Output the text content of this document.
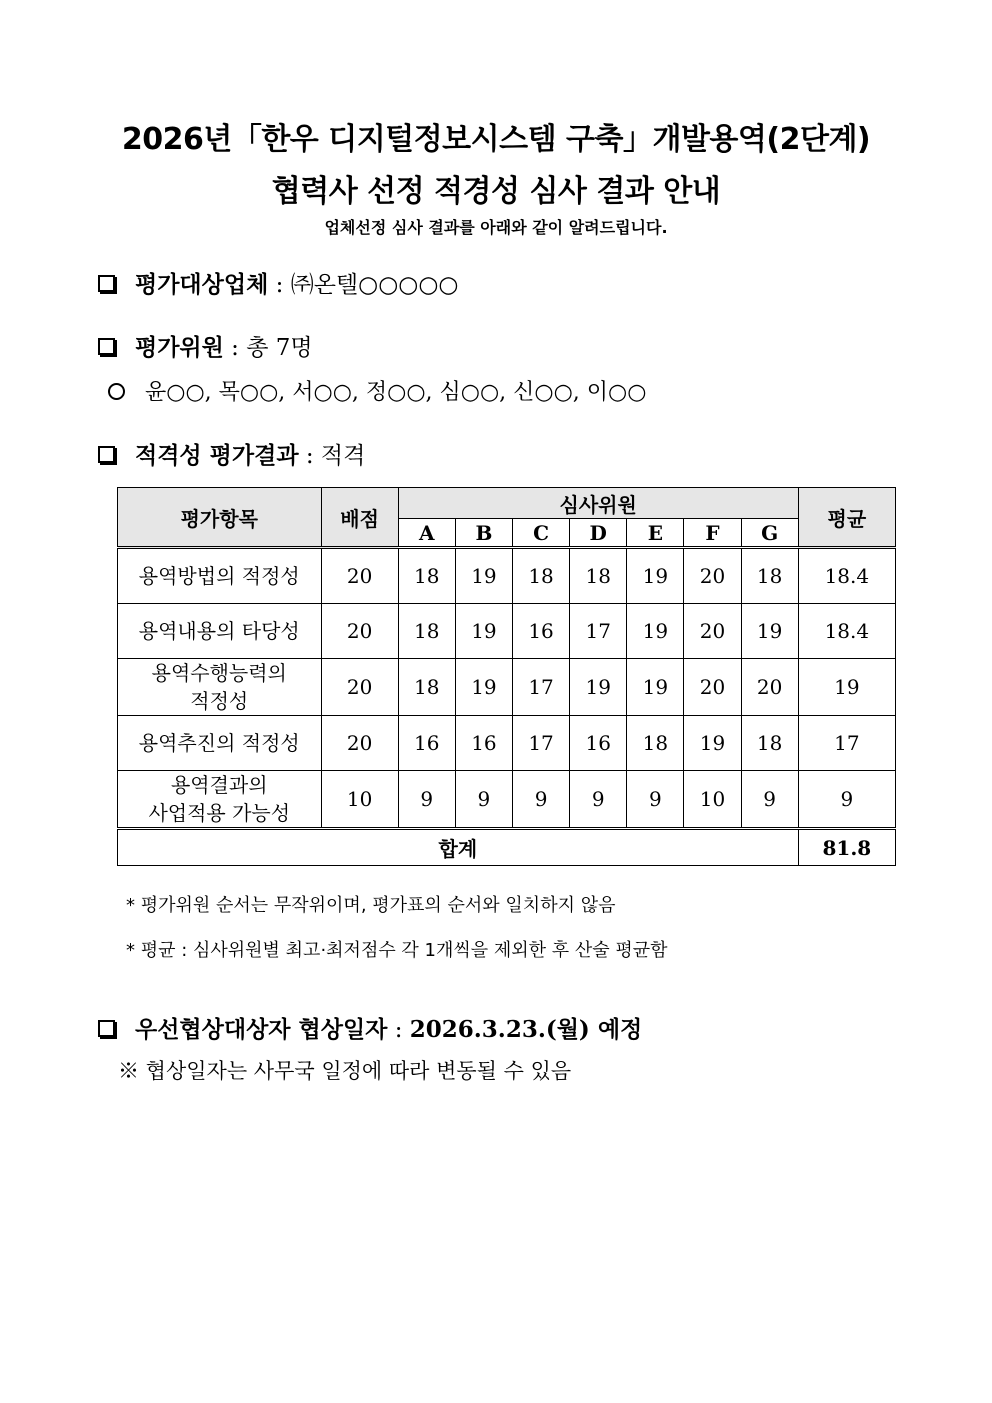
2026년「한우 디지털정보시스템 구축」개발용역(2단계)
협력사 선정 적경성 심사 결과 안내
업체선정 심사 결과를 아래와 같이 알려드립니다.
평가대상업체 : ㈜온텔○○○○○
평가위원 : 총 7명
윤○○, 목○○, 서○○, 정○○, 심○○, 신○○, 이○○
적격성 평가결과 : 적격
평가항목	배점	심사위원							평균
		A	B	C	D	E	F	G	
용역방법의 적정성	20	18	19	18	18	19	20	18	18.4
용역내용의 타당성	20	18	19	16	17	19	20	19	18.4
용역수행능력의
적정성	20	18	19	17	19	19	20	20	19
용역추진의 적정성	20	16	16	17	16	18	19	18	17
용역결과의
사업적용 가능성	10	9	9	9	9	9	10	9	9
합계									81.8
* 평가위원 순서는 무작위이며, 평가표의 순서와 일치하지 않음
* 평균 : 심사위원별 최고·최저점수 각 1개씩을 제외한 후 산술 평균함
우선협상대상자 협상일자 : 2026.3.23.(월) 예정
※ 협상일자는 사무국 일정에 따라 변동될 수 있음
